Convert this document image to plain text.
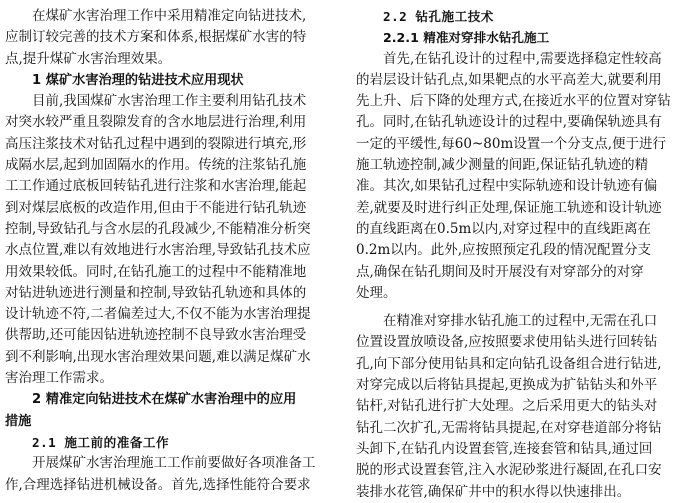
在煤矿水害治理工作中采用精准定向钻进技术,
应制订较完善的技术方案和体系,根据煤矿水害的特
点,提升煤矿水害治理效果。
1 煤矿水害治理的钻进技术应用现状
目前,我国煤矿水害治理工作主要利用钻孔技术
对突水较严重且裂隙发育的含水地层进行治理,利用
高压注浆技术对钻孔过程中遇到的裂隙进行填充,形
成隔水层,起到加固隔水的作用。传统的注浆钻孔施
工工作通过底板回转钻孔进行注浆和水害治理,能起
到对煤层底板的改造作用,但由于不能进行钻孔轨迹
控制,导致钻孔与含水层的孔段减少,不能精准分析突
水点位置,难以有效地进行水害治理,导致钻孔技术应
用效果较低。同时,在钻孔施工的过程中不能精准地
对钻进轨迹进行测量和控制,导致钻孔轨迹和具体的
设计轨迹不符,二者偏差过大,不仅不能为水害治理提
供帮助,还可能因钻进轨迹控制不良导致水害治理受
到不利影响,出现水害治理效果问题,难以满足煤矿水
害治理工作需求。
2 精准定向钻进技术在煤矿水害治理中的应用
措施
2.1 施工前的准备工作
开展煤矿水害治理施工工作前要做好各项准备工
作,合理选择钻进机械设备。首先,选择性能符合要求
2.2 钻孔施工技术
2.2.1 精准对穿排水钻孔施工
首先,在钻孔设计的过程中,需要选择稳定性较高
的岩层设计钻孔点,如果靶点的水平高差大,就要利用
先上升、后下降的处理方式,在接近水平的位置对穿钻
孔。同时,在钻孔轨迹设计的过程中,要确保轨迹具有
一定的平缓性,每60~80m设置一个分支点,便于进行
施工轨迹控制,减少测量的间距,保证钻孔轨迹的精
准。其次,如果钻孔过程中实际轨迹和设计轨迹有偏
差,就要及时进行纠正处理,保证施工轨迹和设计轨迹
的直线距离在0.5m以内,对穿过程中的直线距离在
0.2m以内。此外,应按照预定孔段的情况配置分支
点,确保在钻孔期间及时开展没有对穿部分的对穿
处理。
在精准对穿排水钻孔施工的过程中,无需在孔口
位置设置放喷设备,应按照要求使用钻头进行回转钻
孔,向下部分使用钻具和定向钻孔设备组合进行钻进,
对穿完成以后将钻具提起,更换成为扩钻钻头和外平
钻杆,对钻孔进行扩大处理。之后采用更大的钻头对
钻孔二次扩孔,无需将钻具提起,在对穿巷道部分将钻
头卸下,在钻孔内设置套管,连接套管和钻具,通过回
脱的形式设置套管,注入水泥砂浆进行凝固,在孔口安
装排水花管,确保矿井中的积水得以快速排出。
